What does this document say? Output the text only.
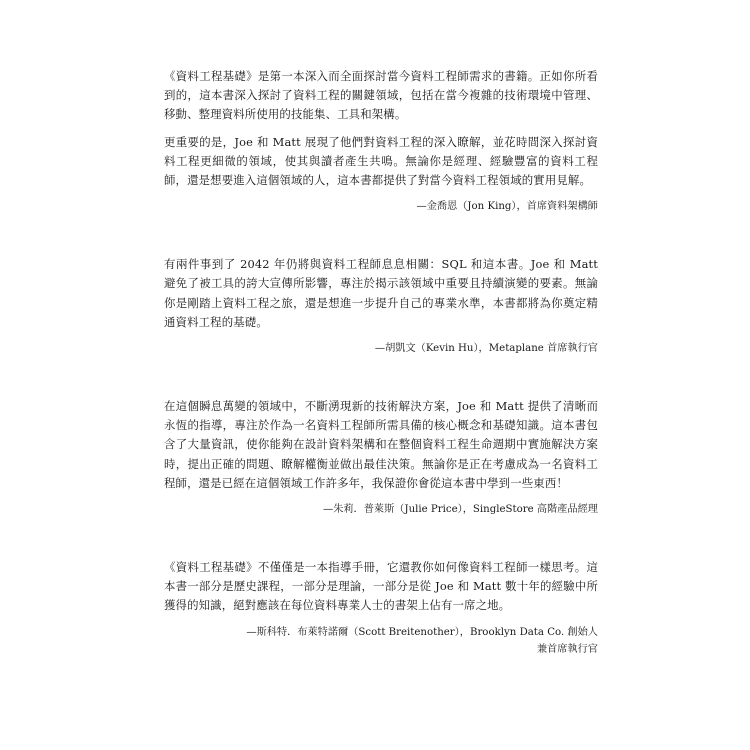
《資料工程基礎》是第一本深入而全面探討當今資料工程師需求的書籍。正如你所看到的，這本書深入探討了資料工程的關鍵領域，包括在當今複雜的技術環境中管理、移動、整理資料所使用的技能集、工具和架構。

更重要的是，Joe 和 Matt 展現了他們對資料工程的深入瞭解，並花時間深入探討資料工程更細微的領域，使其與讀者產生共鳴。無論你是經理、經驗豐富的資料工程師，還是想要進入這個領域的人，這本書都提供了對當今資料工程領域的實用見解。

—金喬恩（Jon King），首席資料架構師

有兩件事到了 2042 年仍將與資料工程師息息相關：SQL 和這本書。Joe 和 Matt 避免了被工具的誇大宣傳所影響，專注於揭示該領域中重要且持續演變的要素。無論你是剛踏上資料工程之旅，還是想進一步提升自己的專業水準，本書都將為你奠定精通資料工程的基礎。

—胡凱文（Kevin Hu），Metaplane 首席執行官

在這個瞬息萬變的領域中，不斷湧現新的技術解決方案，Joe 和 Matt 提供了清晰而永恆的指導，專注於作為一名資料工程師所需具備的核心概念和基礎知識。這本書包含了大量資訊，使你能夠在設計資料架構和在整個資料工程生命週期中實施解決方案時，提出正確的問題、瞭解權衡並做出最佳決策。無論你是正在考慮成為一名資料工程師，還是已經在這個領域工作許多年，我保證你會從這本書中學到一些東西！

—朱莉．普萊斯（Julie Price），SingleStore 高階產品經理

《資料工程基礎》不僅僅是一本指導手冊，它還教你如何像資料工程師一樣思考。這本書一部分是歷史課程，一部分是理論，一部分是從 Joe 和 Matt 數十年的經驗中所獲得的知識，絕對應該在每位資料專業人士的書架上佔有一席之地。

—斯科特．布萊特諾爾（Scott Breitenother），Brooklyn Data Co. 創始人
兼首席執行官
